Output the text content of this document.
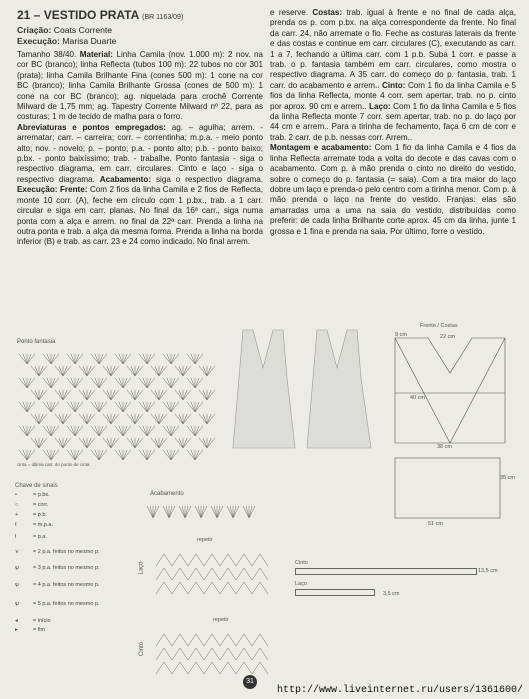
21 – VESTIDO PRATA (BR 1163/09)
Criação: Coats Corrente
Execução: Marisa Duarte

Tamanho 38/40. Material: Linha Camila (nov. 1.000 m): 2 nov. na cor BC (branco); linha Reflecta (tubos 100 m): 22 tubos no cor 301 (prata); linha Camila Brilhante Fina (cones 500 m): 1 cone na cor BC (branco); linha Camila Brilhante Grossa (cones de 500 m): 1 cone na cor BC (branco); ag. niquelada para crochê Corrente Milward de 1,75 mm; ag. Tapestry Corrente Milward nº 22, para as costuras; 1 m de tecido de malha para o forro.

Abreviaturas e pontos empregados: ag. – agulha; arrem. - arrematar; carr. – carreira; corr. – correntinha; m.p.a. - meio ponto alto; nov. - novelo; p. – ponto; p.a. - ponto alto; p.b. - ponto baixo; p.bx. - ponto baixíssimo; trab. - trabalhe. Ponto fantasia - siga o respectivo diagrama, em carr. circulares. Cinto e laço - siga o respectivo diagrama. Acabamento: siga o respectivo diagrama. Execução: Frente: Com 2 fios da linha Camila e 2 fios de Reflecta, monte 10 corr. (A), feche em círculo com 1 p.bx., trab. a 1 carr. circular e siga em carr. planas. No final da 16ª carr., siga numa ponta com a alça e arrem. no final da 22ª carr. Prenda a linha na outra ponta e trab. a alça da mesma forma. Prenda a linha na borda inferior (B) e trab. as carr. 23 e 24 como indicado. No final arrem.

e reserve. Costas: trab. igual à frente e no final de cada alça, prenda os p. com p.bx. na alça correspondente da frente. No final da carr. 24, não arremate o fio. Feche as costuras laterais da frente e das costas e continue em carr. circulares (C), executando as carr. 1 a 7, fechando a última carr. com 1 p.b. Suba 1 corr. e passe a trab. o p. fantasia também em carr. circulares, como mostra o respectivo diagrama. A 35 carr. do começo do p. fantasia, trab. 1 carr. do acabamento e arrem.. Cinto: Com 1 fio da linha Camila e 5 fios da linha Reflecta, monte 4 corr. sem apertar, trab. no p. cinto por aprox. 90 cm e arrem.. Laço: Com 1 fio da linha Camila e 5 fios da linha Reflecta monte 7 corr. sem apertar, trab. no p. do laço por 44 cm e arrem.. Para a tirinha de fechamento, faça 6 cm de corr e trab. 2 carr. de p.b. nessas corr. Arrem..

Montagem e acabamento: Com 1 fio da linha Camila e 4 fios da linha Reflecta arremate toda a volta do decote e das cavas com o acabamento. Com p. à mão prenda o cinto no direito do vestido, sobre o começo do p. fantasia (= saia). Com a tira maior do laço dobre um laço e prenda-o pelo centro com a tirinha menor. Com p. à mão prenda o laço na frente do vestido. Franjas: elas são amarradas uma a uma na saia do vestido, distribuídas como preferir: de cada linha Brilhante corte aprox. 45 cm da linha, junte 1 grossa e 1 fina e prenda na saia. Por último, forre o vestido.

Ponto fantasia
cinta = última carr. do ponto de cinta
Frente / Costas
9 cm	22 cm
40 cm
38 cm
51 cm
35 cm
Cinto
13,5 cm
Laço
3,5 cm
Chave de sinais
•	= p.bx.
○	= corr.
+	= p.b.
ƭ	= m.p.a.
ƚ	= p.a.
⋎	= 2 p.a. feitos no mesmo p.
ѱ	= 3 p.a. feitos no mesmo p.
ѱ	= 4 p.a. feitos no mesmo p.
ѱ	= 5 p.a. feitos no mesmo p.
◂	= início
▸	= fim
Acabamento
repetir
Laço
repetir
Cinto
31
http://www.liveinternet.ru/users/1361600/
